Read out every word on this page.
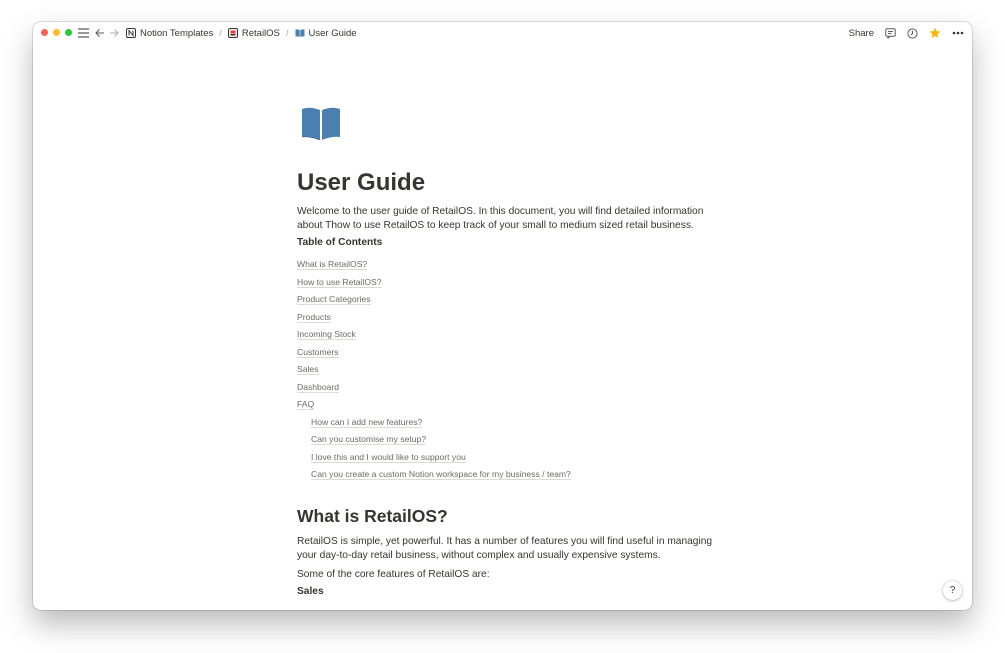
Notion Templates / RetailOS / User Guide	Share
User Guide

Welcome to the user guide of RetailOS. In this document, you will find detailed information about Thow to use RetailOS to keep track of your small to medium sized retail business.

Table of Contents
What is RetailOS?
How to use RetailOS?
Product Categories
Products
Incoming Stock
Customers
Sales
Dashboard
FAQ
How can I add new features?
Can you customise my setup?
I love this and I would like to support you
Can you create a custom Notion workspace for my business / team?
What is RetailOS?

RetailOS is simple, yet powerful. It has a number of features you will find useful in managing your day-to-day retail business, without complex and usually expensive systems.

Some of the core features of RetailOS are:

Sales	?
